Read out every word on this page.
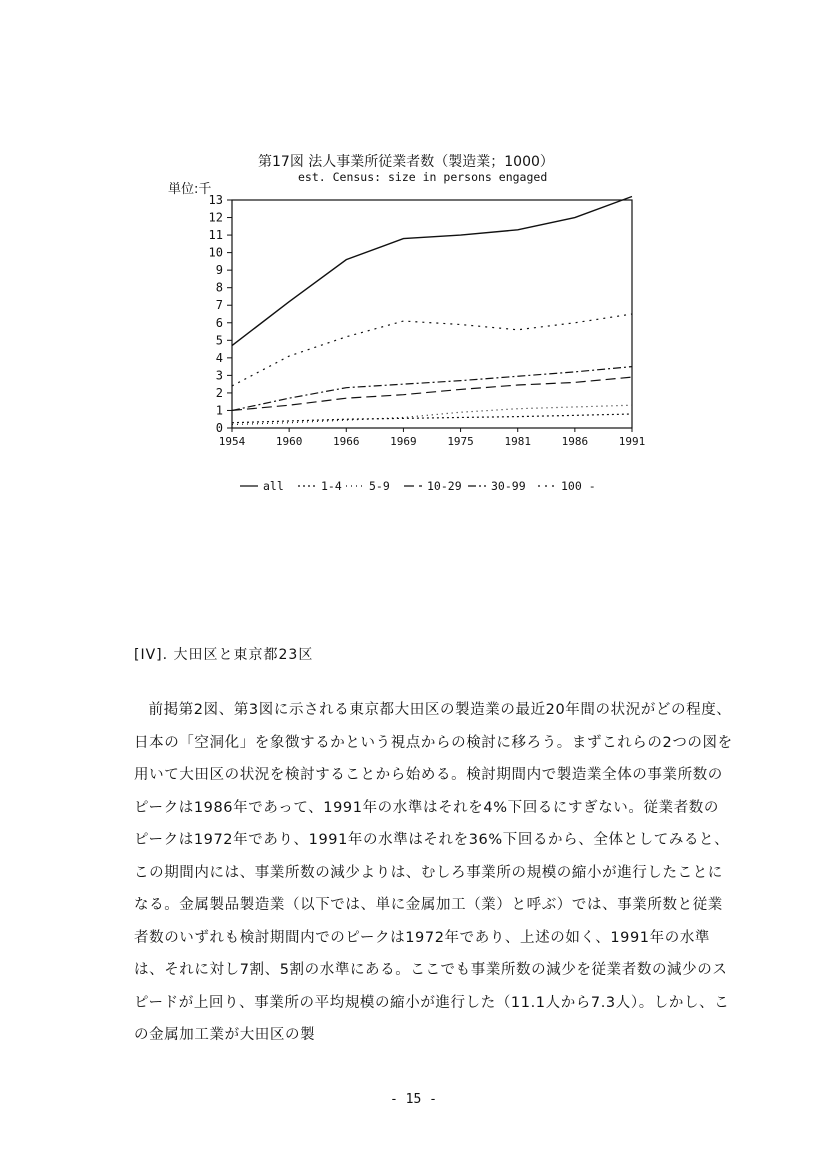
第17図 法人事業所従業者数（製造業；1000）
est. Census: size in persons engaged
単位:千
0
1
2
3
4
5
6
7
8
9
10
11
12
13
1954	1960	1966	1969	1975	1981	1986	1991
all	1-4 5-9	10-29	30-99	100 -
[IV]. 大田区と東京都23区

前掲第2図、第3図に示される東京都大田区の製造業の最近20年間の状況がどの程度、日本の「空洞化」を象徴するかという視点からの検討に移ろう。まずこれらの2つの図を用いて大田区の状況を検討することから始める。検討期間内で製造業全体の事業所数のピークは1986年であって、1991年の水準はそれを4%下回るにすぎない。従業者数のピークは1972年であり、1991年の水準はそれを36%下回るから、全体としてみると、この期間内には、事業所数の減少よりは、むしろ事業所の規模の縮小が進行したことになる。金属製品製造業（以下では、単に金属加工（業）と呼ぶ）では、事業所数と従業者数のいずれも検討期間内でのピークは1972年であり、上述の如く、1991年の水準は、それに対し7割、5割の水準にある。ここでも事業所数の減少を従業者数の減少のスピードが上回り、事業所の平均規模の縮小が進行した（11.1人から7.3人）。しかし、この金属加工業が大田区の製

- 15 -
